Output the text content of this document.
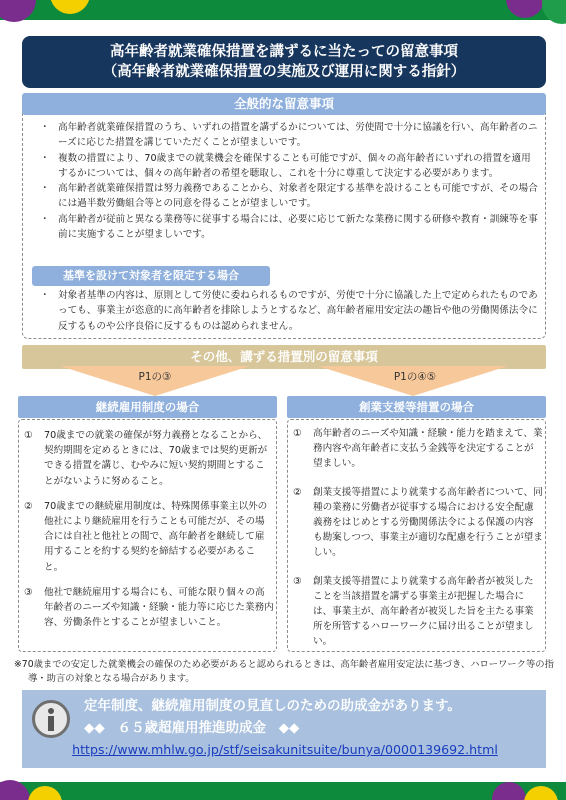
高年齢者就業確保措置を講ずるに当たっての留意事項
（高年齢者就業確保措置の実施及び運用に関する指針）
全般的な留意事項
・ 高年齢者就業確保措置のうち、いずれの措置を講ずるかについては、労使間で十分に協議を行い、高年齢者のニーズに応じた措置を講じていただくことが望ましいです。
・ 複数の措置により、70歳までの就業機会を確保することも可能ですが、個々の高年齢者にいずれの措置を適用するかについては、個々の高年齢者の希望を聴取し、これを十分に尊重して決定する必要があります。
・ 高年齢者就業確保措置は努力義務であることから、対象者を限定する基準を設けることも可能ですが、その場合には過半数労働組合等との同意を得ることが望ましいです。
・ 高年齢者が従前と異なる業務等に従事する場合には、必要に応じて新たな業務に関する研修や教育・訓練等を事前に実施することが望ましいです。
基準を設けて対象者を限定する場合
・ 対象者基準の内容は、原則として労使に委ねられるものですが、労使で十分に協議した上で定められたものであっても、事業主が恣意的に高年齢者を排除しようとするなど、高年齢者雇用安定法の趣旨や他の労働関係法令に反するものや公序良俗に反するものは認められません。
その他、講ずる措置別の留意事項
P1の③	P1の④⑤
継続雇用制度の場合
① 70歳までの就業の確保が努力義務となることから、契約期間を定めるときには、70歳までは契約更新ができる措置を講じ、むやみに短い契約期間とすることがないように努めること。
② 70歳までの継続雇用制度は、特殊関係事業主以外の他社により継続雇用を行うことも可能だが、その場合には自社と他社との間で、高年齢者を継続して雇用することを約する契約を締結する必要があること。
③ 他社で継続雇用する場合にも、可能な限り個々の高年齢者のニーズや知識・経験・能力等に応じた業務内容、労働条件とすることが望ましいこと。
創業支援等措置の場合
① 高年齢者のニーズや知識・経験・能力を踏まえて、業務内容や高年齢者に支払う金銭等を決定することが望ましい。
② 創業支援等措置により就業する高年齢者について、同種の業務に労働者が従事する場合における安全配慮義務をはじめとする労働関係法令による保護の内容も勘案しつつ、事業主が適切な配慮を行うことが望ましい。
③ 創業支援等措置により就業する高年齢者が被災したことを当該措置を講ずる事業主が把握した場合には、事業主が、高年齢者が被災した旨を主たる事業所を所管するハローワークに届け出ることが望ましい。
※70歳までの安定した就業機会の確保のため必要があると認められるときは、高年齢者雇用安定法に基づき、ハローワーク等の指導・助言の対象となる場合があります。
定年制度、継続雇用制度の見直しのための助成金があります。
◆◆ ６５歳超雇用推進助成金 ◆◆
https://www.mhlw.go.jp/stf/seisakunitsuite/bunya/0000139692.html
